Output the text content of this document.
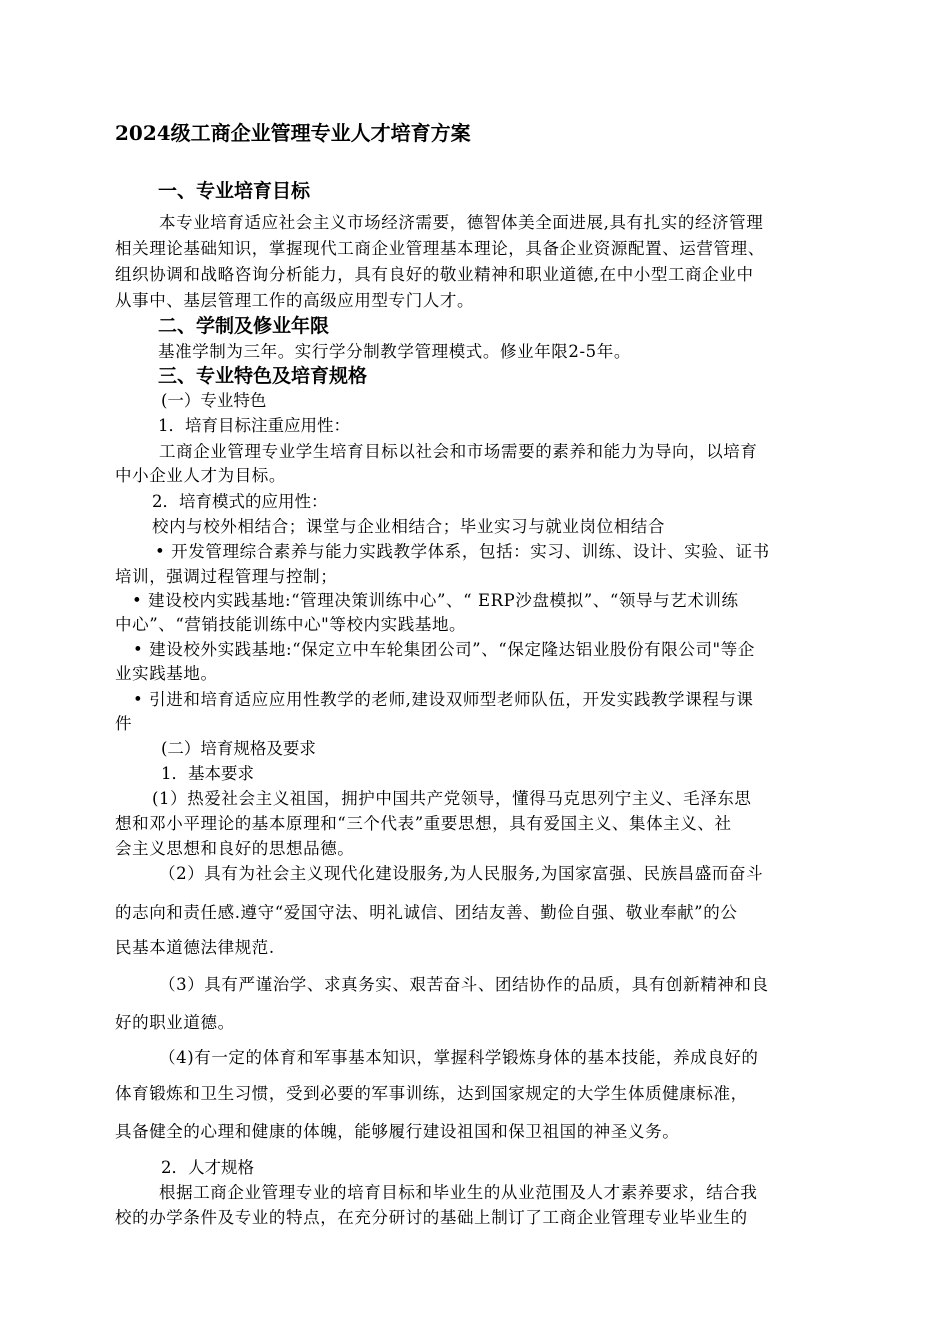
2024级工商企业管理专业人才培育方案
一、专业培育目标
本专业培育适应社会主义市场经济需要，德智体美全面进展,具有扎实的经济管理
相关理论基础知识，掌握现代工商企业管理基本理论，具备企业资源配置、运营管理、
组织协调和战略咨询分析能力，具有良好的敬业精神和职业道德,在中小型工商企业中
从事中、基层管理工作的高级应用型专门人才。
二、学制及修业年限
基准学制为三年。实行学分制教学管理模式。修业年限2-5年。
三、专业特色及培育规格
(一）专业特色
1．培育目标注重应用性：
工商企业管理专业学生培育目标以社会和市场需要的素养和能力为导向，以培育
中小企业人才为目标。
2．培育模式的应用性：
校内与校外相结合；课堂与企业相结合；毕业实习与就业岗位相结合
• 开发管理综合素养与能力实践教学体系，包括：实习、训练、设计、实验、证书
培训，强调过程管理与控制；
• 建设校内实践基地:“管理决策训练中心”、“ ERP沙盘模拟”、“领导与艺术训练
中心”、“营销技能训练中心"等校内实践基地。
• 建设校外实践基地:“保定立中车轮集团公司”、“保定隆达铝业股份有限公司"等企
业实践基地。
• 引进和培育适应应用性教学的老师,建设双师型老师队伍，开发实践教学课程与课
件
(二）培育规格及要求
1．基本要求
(1）热爱社会主义祖国，拥护中国共产党领导，懂得马克思列宁主义、毛泽东思
想和邓小平理论的基本原理和“三个代表”重要思想，具有爱国主义、集体主义、社
会主义思想和良好的思想品德。
（2）具有为社会主义现代化建设服务,为人民服务,为国家富强、民族昌盛而奋斗
的志向和责任感.遵守“爱国守法、明礼诚信、团结友善、勤俭自强、敬业奉献”的公
民基本道德法律规范.
（3）具有严谨治学、求真务实、艰苦奋斗、团结协作的品质，具有创新精神和良
好的职业道德。
（4)有一定的体育和军事基本知识，掌握科学锻炼身体的基本技能，养成良好的
体育锻炼和卫生习惯，受到必要的军事训练，达到国家规定的大学生体质健康标准，
具备健全的心理和健康的体魄，能够履行建设祖国和保卫祖国的神圣义务。
2．人才规格
根据工商企业管理专业的培育目标和毕业生的从业范围及人才素养要求，结合我
校的办学条件及专业的特点，在充分研讨的基础上制订了工商企业管理专业毕业生的
